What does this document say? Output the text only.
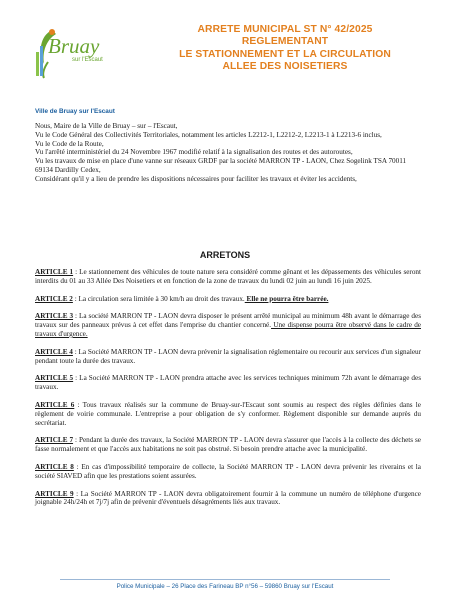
Bruay
sur l'Escaut
ARRETE MUNICIPAL ST N° 42/2025
REGLEMENTANT
LE STATIONNEMENT ET LA CIRCULATION
ALLEE DES NOISETIERS
Ville de Bruay sur l'Escaut

Nous, Maire de la Ville de Bruay – sur – l'Escaut,

Vu le Code Général des Collectivités Territoriales, notamment les articles L2212-1, L2212-2, L2213-1 à L2213-6 inclus,

Vu le Code de la Route,

Vu l'arrêté interministériel du 24 Novembre 1967 modifié relatif à la signalisation des routes et des autoroutes,

Vu les travaux de mise en place d'une vanne sur réseaux GRDF par la société MARRON TP - LAON, Chez Sogelink TSA 70011 69134 Dardilly Cedex,

Considérant qu'il y a lieu de prendre les dispositions nécessaires pour faciliter les travaux et éviter les accidents,

ARRETONS

ARTICLE 1 : Le stationnement des véhicules de toute nature sera considéré comme gênant et les dépassements des véhicules seront interdits du 01 au 33 Allée Des Noisetiers et en fonction de la zone de travaux du lundi 02 juin au lundi 16 juin 2025.

ARTICLE 2 : La circulation sera limitée à 30 km/h au droit des travaux. Elle ne pourra être barrée.

ARTICLE 3 : La société MARRON TP - LAON devra disposer le présent arrêté municipal au minimum 48h avant le démarrage des travaux sur des panneaux prévus à cet effet dans l'emprise du chantier concerné. Une dispense pourra être observé dans le cadre de travaux d'urgence.

ARTICLE 4 : La Société MARRON TP - LAON devra prévenir la signalisation réglementaire ou recourir aux services d'un signaleur pendant toute la durée des travaux.

ARTICLE 5 : La Société MARRON TP - LAON prendra attache avec les services techniques minimum 72h avant le démarrage des travaux.

ARTICLE 6 : Tous travaux réalisés sur la commune de Bruay-sur-l'Escaut sont soumis au respect des règles définies dans le règlement de voirie communale. L'entreprise a pour obligation de s'y conformer. Règlement disponible sur demande auprès du secrétariat.

ARTICLE 7 : Pendant la durée des travaux, la Société MARRON TP - LAON devra s'assurer que l'accès à la collecte des déchets se fasse normalement et que l'accès aux habitations ne soit pas obstrué. Si besoin prendre attache avec la municipalité.

ARTICLE 8 : En cas d'impossibilité temporaire de collecte, la Société MARRON TP - LAON devra prévenir les riverains et la société SIAVED afin que les prestations soient assurées.

ARTICLE 9 : La Société MARRON TP - LAON devra obligatoirement fournir à la commune un numéro de téléphone d'urgence joignable 24h/24h et 7j/7j afin de prévenir d'éventuels désagréments liés aux travaux.

Police Municipale – 26 Place des Farineau BP n°56 – 59860 Bruay sur l'Escaut
